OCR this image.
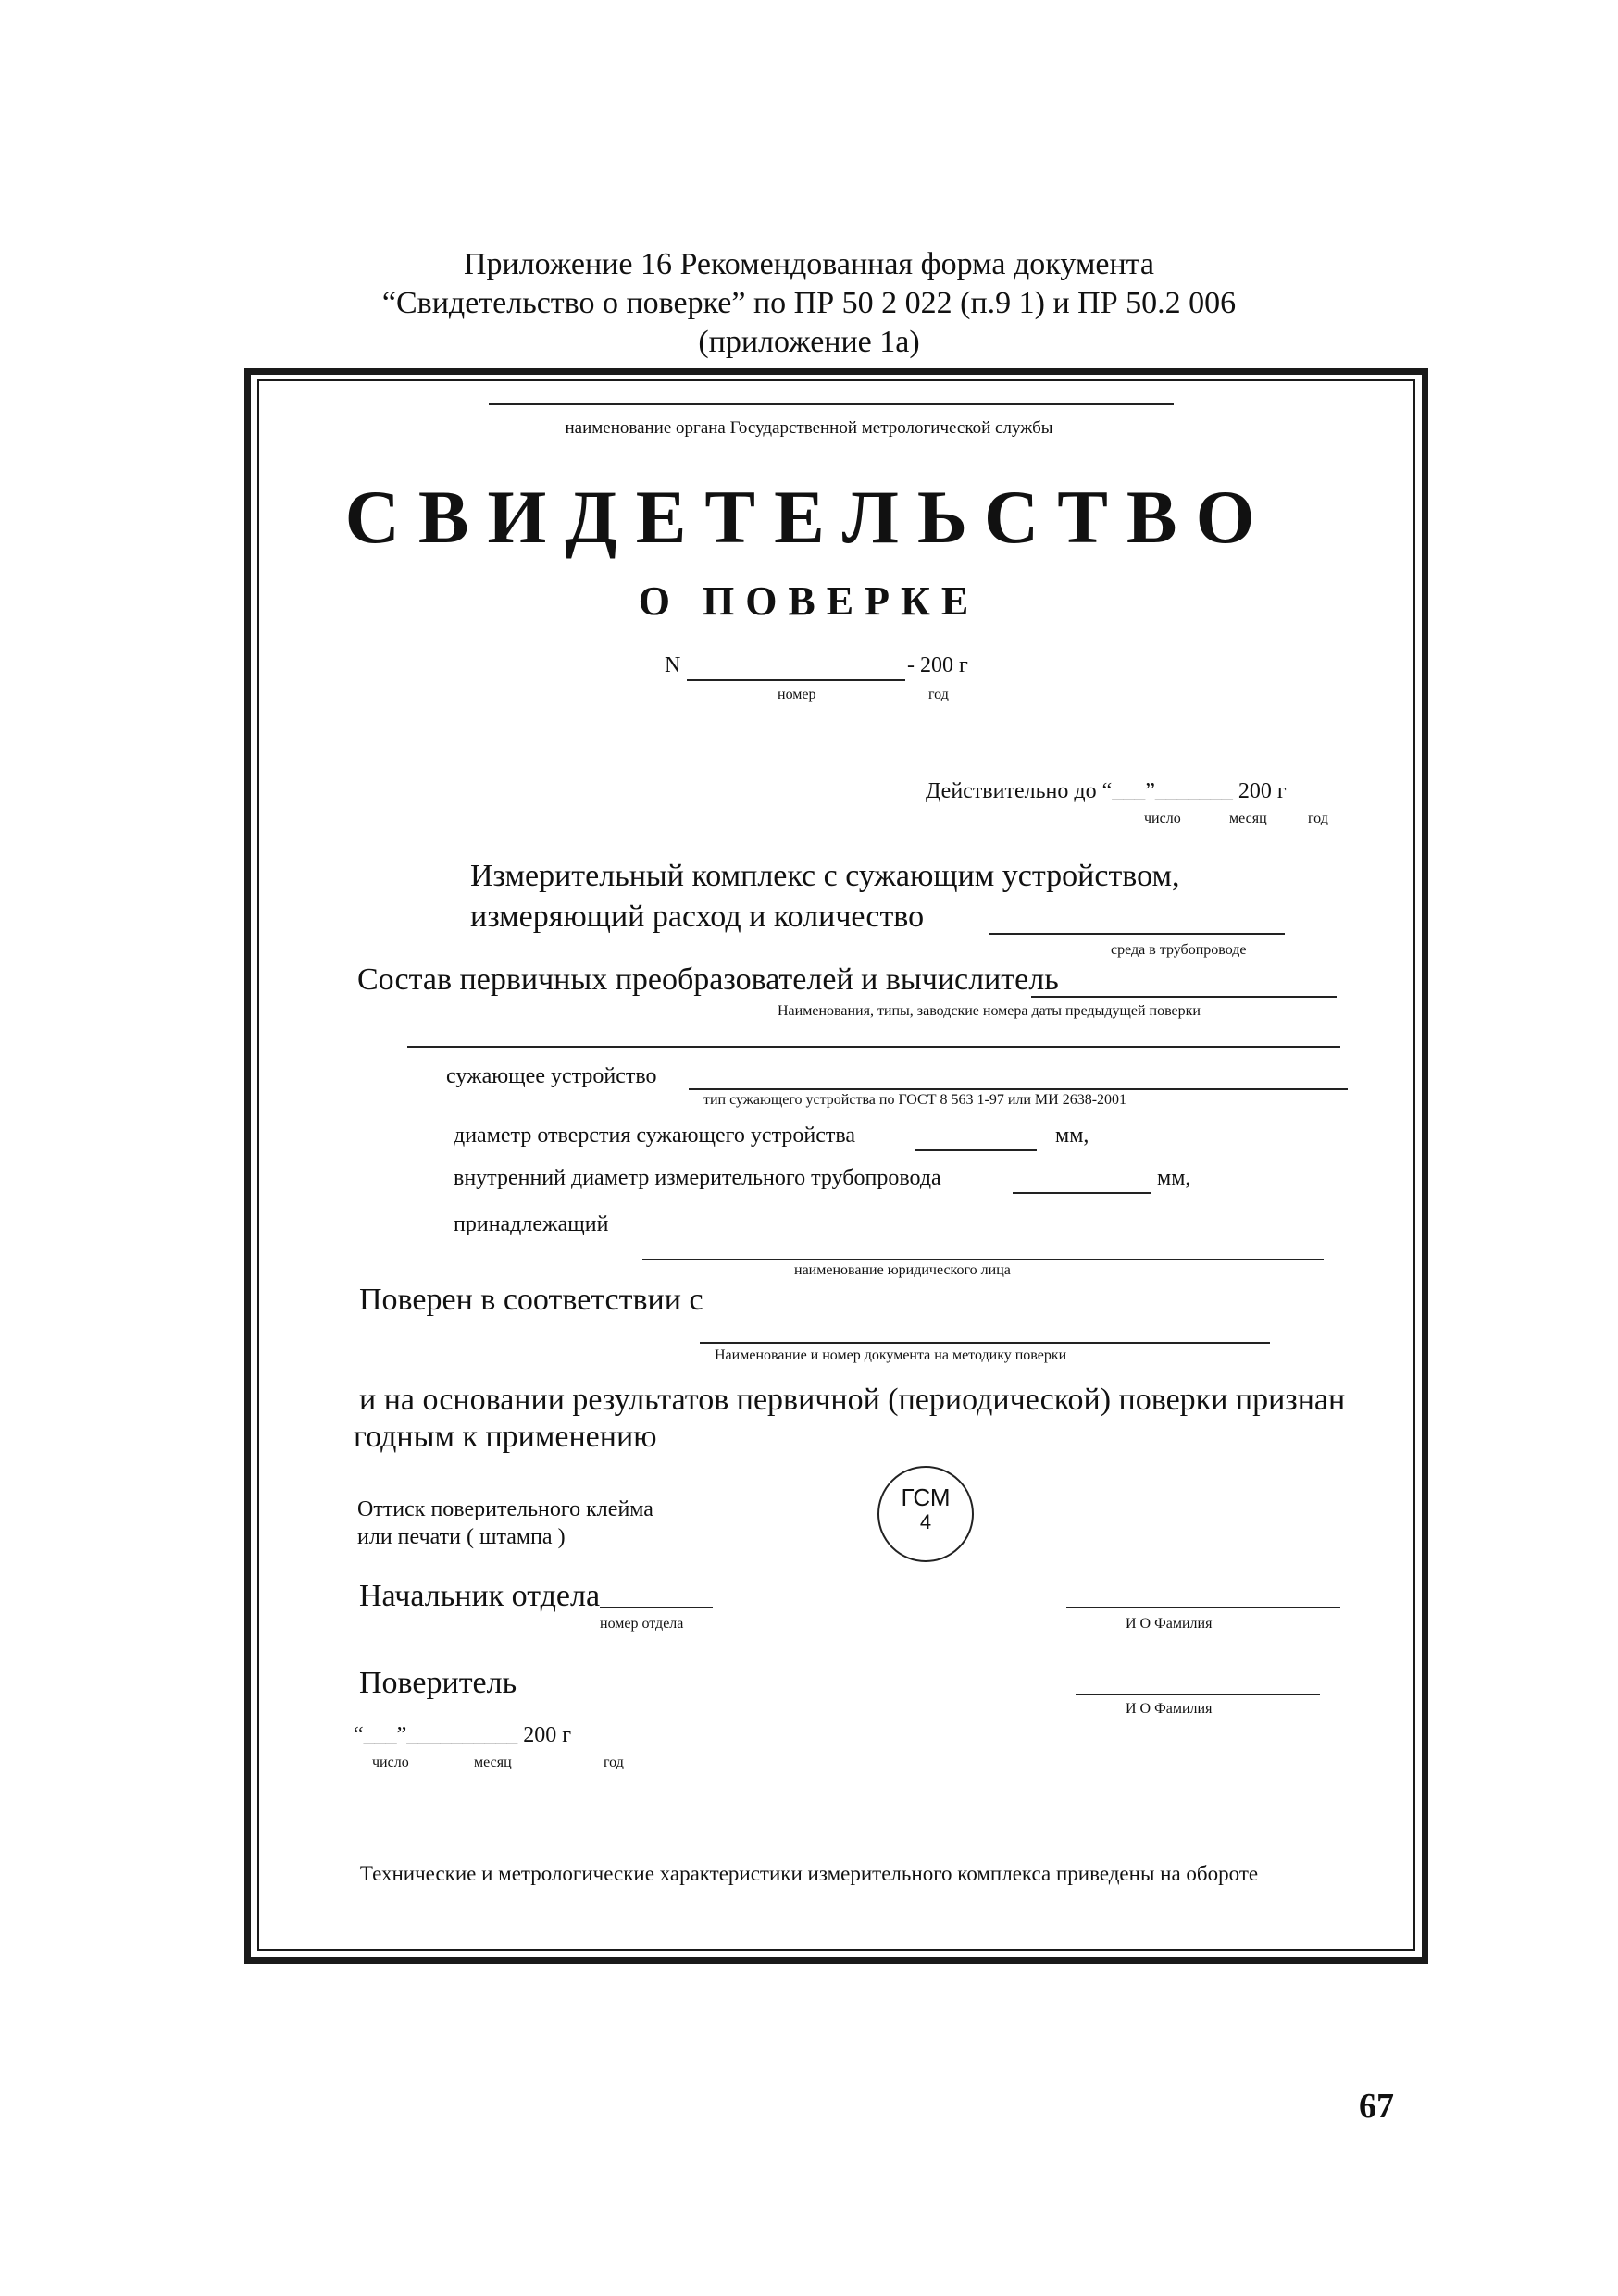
Приложение 16 Рекомендованная форма документа
“Свидетельство о поверке” по ПР 50 2 022 (п.9 1) и ПР 50.2 006
(приложение 1а)
наименование органа Государственной метрологической службы
СВИДЕТЕЛЬСТВО
О ПОВЕРКЕ
N	- 200 г
номер	год
Действительно до “___”_______ 200 г
число	месяц	год
Измерительный комплекс с сужающим устройством,
измеряющий расход и количество
среда в трубопроводе
Состав первичных преобразователей и вычислитель
Наименования, типы, заводские номера даты предыдущей поверки
сужающее устройство
тип сужающего устройства по ГОСТ 8 563 1-97 или МИ 2638-2001
диаметр отверстия сужающего устройства	мм,
внутренний диаметр измерительного трубопровода	мм,
принадлежащий
наименование юридического лица
Поверен в соответствии с
Наименование и номер документа на методику поверки
и на основании результатов первичной (периодической) поверки признан
годным к применению
Оттиск поверительного клейма
или печати ( штампа )
ГСМ
4
Начальник отдела
номер отдела	И О Фамилия
Поверитель
И О Фамилия
“___”__________ 200 г
число	месяц	год
Технические и метрологические характеристики измерительного комплекса приведены на обороте
67
